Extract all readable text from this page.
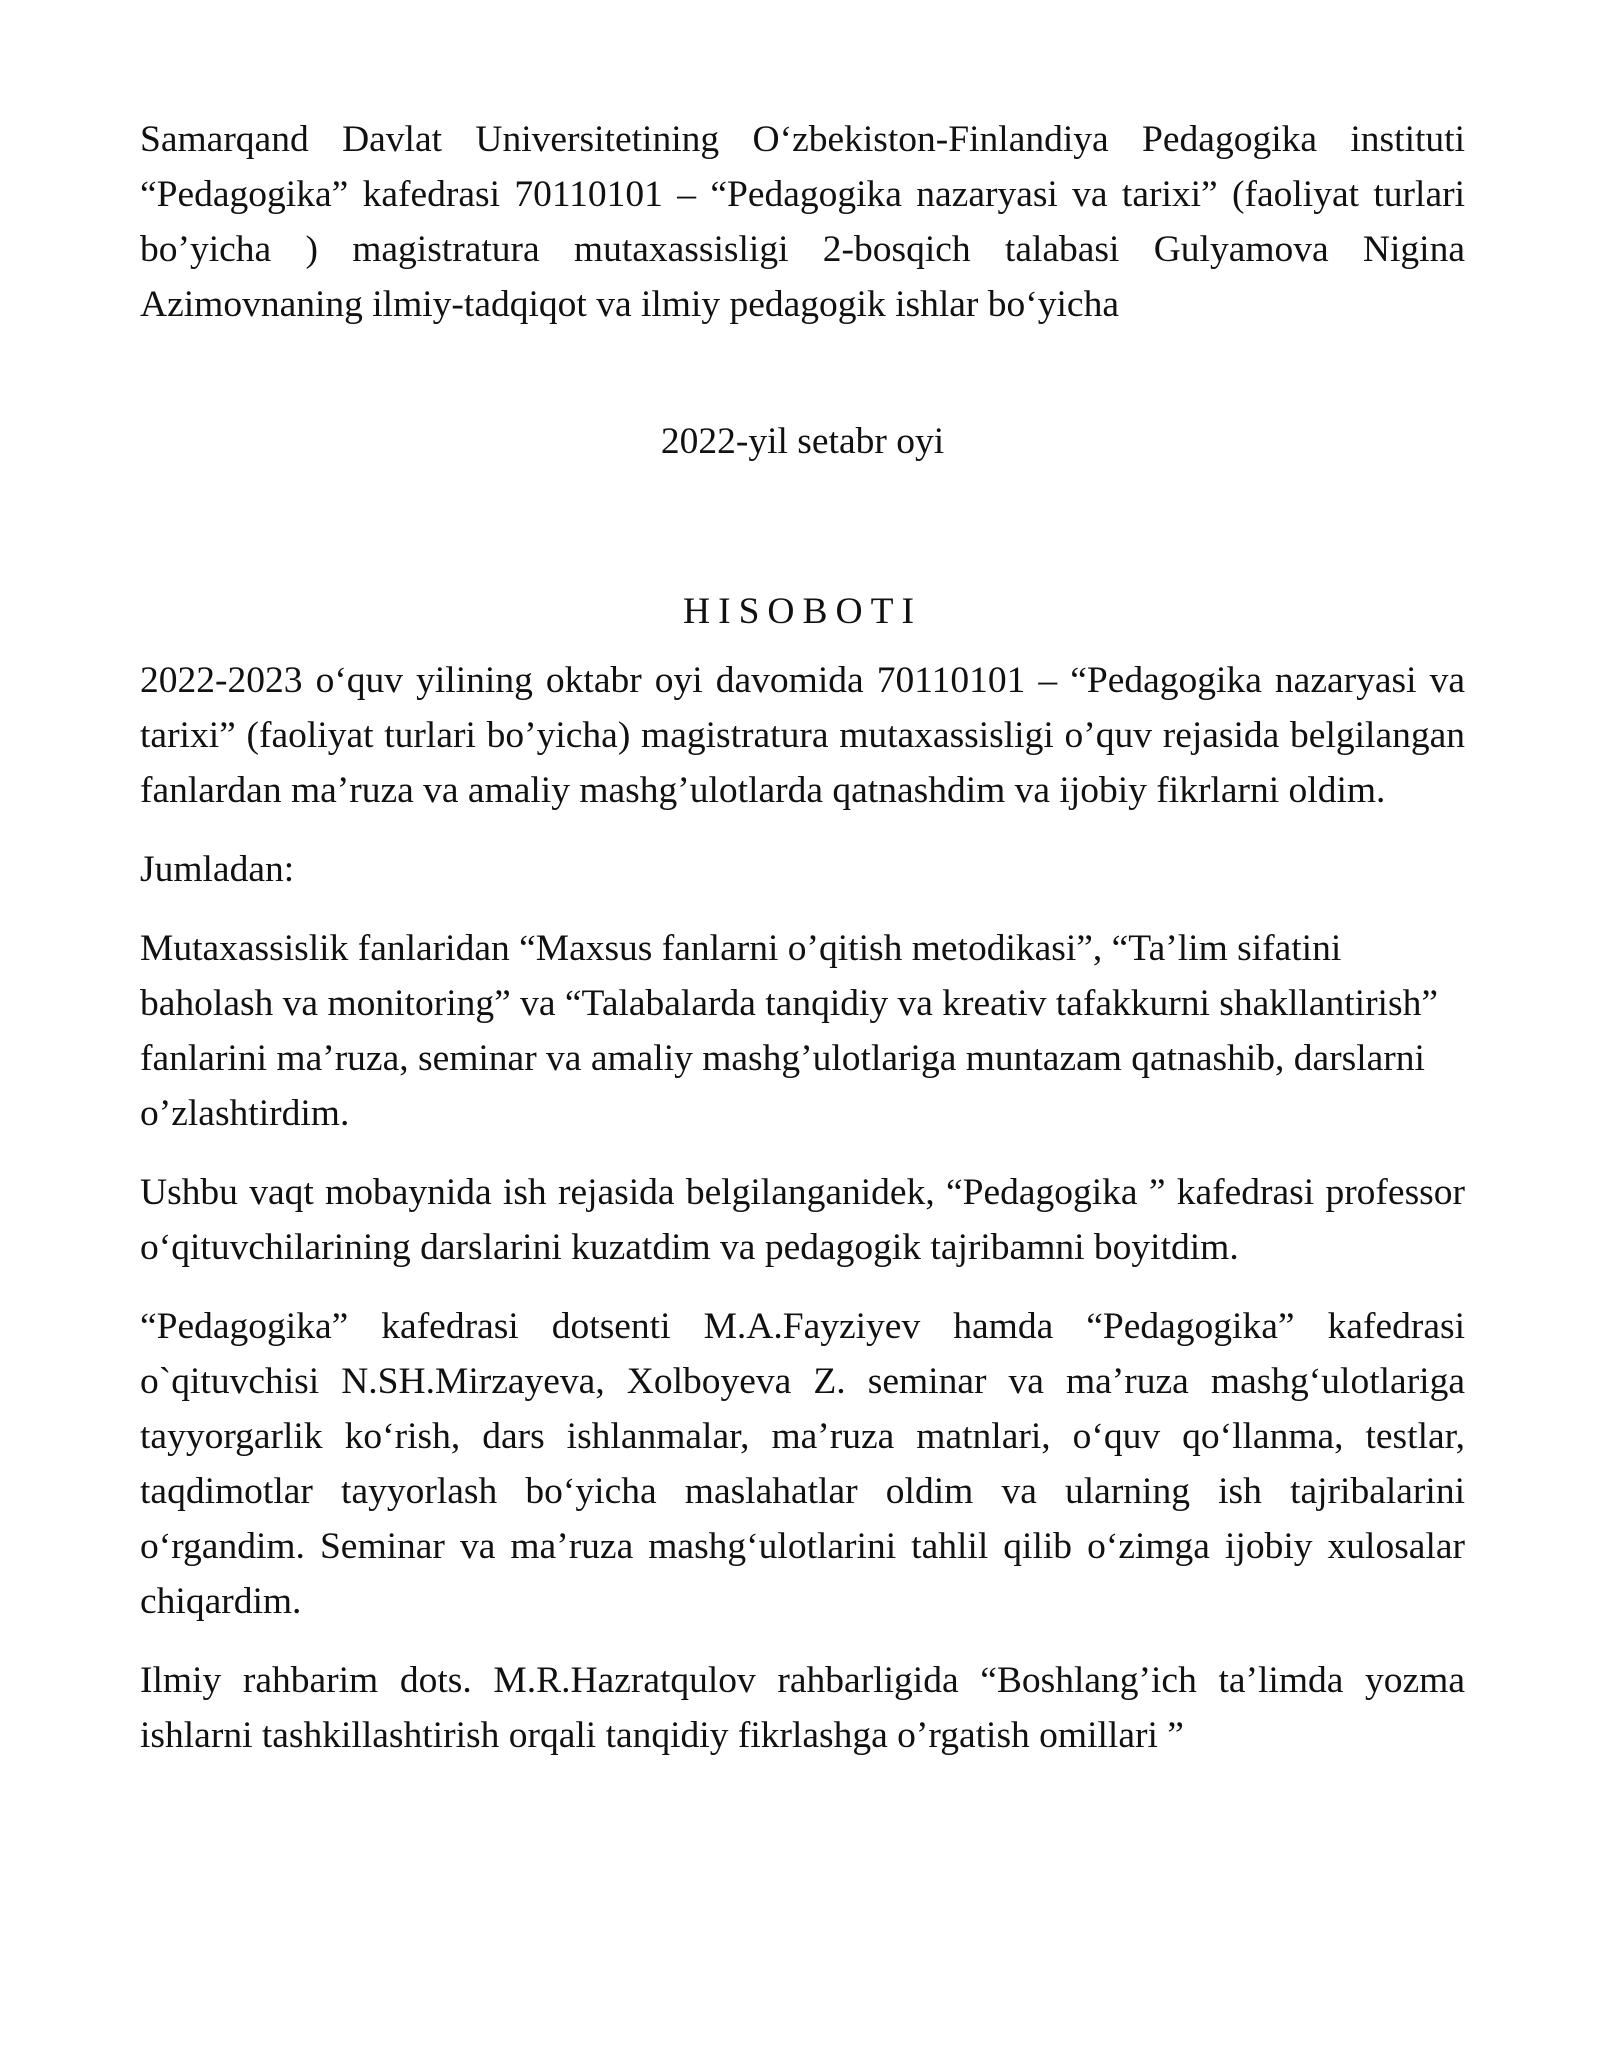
Samarqand Davlat Universitetining O‘zbekiston-Finlandiya Pedagogika instituti “Pedagogika” kafedrasi 70110101 – “Pedagogika nazaryasi va tarixi” (faoliyat turlari bo’yicha ) magistratura mutaxassisligi 2-bosqich talabasi Gulyamova Nigina Azimovnaning ilmiy-tadqiqot va ilmiy pedagogik ishlar bo‘yicha

2022-yil setabr oyi

HISOBOTI

2022-2023 o‘quv yilining oktabr oyi davomida 70110101 – “Pedagogika nazaryasi va tarixi” (faoliyat turlari bo’yicha) magistratura mutaxassisligi o’quv rejasida belgilangan fanlardan ma’ruza va amaliy mashg’ulotlarda qatnashdim va ijobiy fikrlarni oldim.

Jumladan:

Mutaxassislik fanlaridan “Maxsus fanlarni o’qitish metodikasi”, “Ta’lim sifatini baholash va monitoring” va “Talabalarda tanqidiy va kreativ tafakkurni shakllantirish” fanlarini ma’ruza, seminar va amaliy mashg’ulotlariga muntazam qatnashib, darslarni o’zlashtirdim.

Ushbu vaqt mobaynida ish rejasida belgilanganidek, “Pedagogika ” kafedrasi professor o‘qituvchilarining darslarini kuzatdim va pedagogik tajribamni boyitdim.

“Pedagogika” kafedrasi dotsenti M.A.Fayziyev hamda “Pedagogika” kafedrasi o`qituvchisi N.SH.Mirzayeva, Xolboyeva Z. seminar va ma’ruza mashg‘ulotlariga tayyorgarlik ko‘rish, dars ishlanmalar, ma’ruza matnlari, o‘quv qo‘llanma, testlar, taqdimotlar tayyorlash bo‘yicha maslahatlar oldim va ularning ish tajribalarini o‘rgandim. Seminar va ma’ruza mashg‘ulotlarini tahlil qilib o‘zimga ijobiy xulosalar chiqardim.

Ilmiy rahbarim dots. M.R.Hazratqulov rahbarligida “Boshlang’ich ta’limda yozma ishlarni tashkillashtirish orqali tanqidiy fikrlashga o’rgatish omillari ”
